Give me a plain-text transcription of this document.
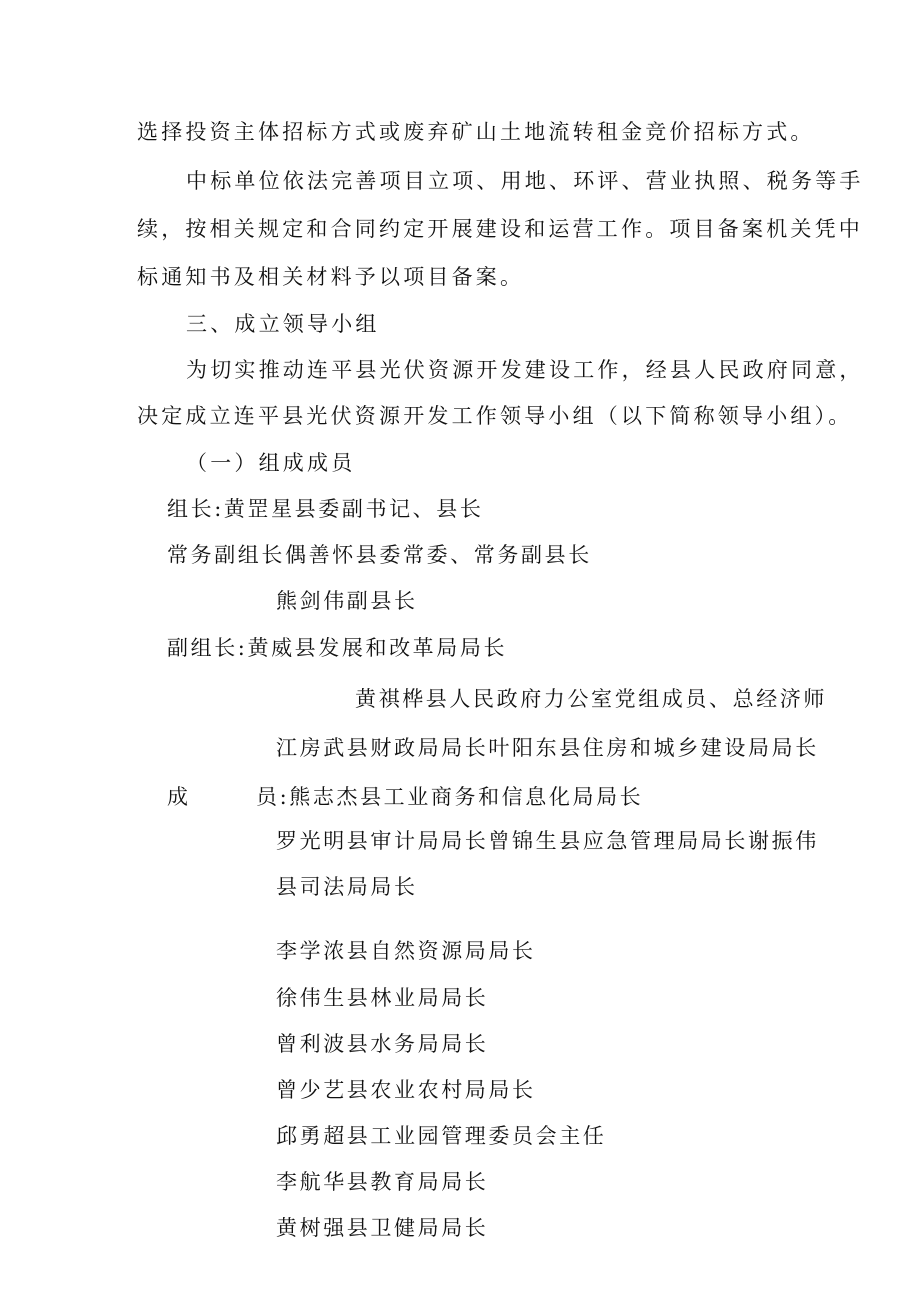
选择投资主体招标方式或废弃矿山土地流转租金竞价招标方式。
中标单位依法完善项目立项、用地、环评、营业执照、税务等手
续，按相关规定和合同约定开展建设和运营工作。项目备案机关凭中
标通知书及相关材料予以项目备案。
三、成立领导小组
为切实推动连平县光伏资源开发建设工作，经县人民政府同意，
决定成立连平县光伏资源开发工作领导小组（以下简称领导小组）。
（一）组成成员
组长:黄罡星县委副书记、县长
常务副组长偶善怀县委常委、常务副县长
熊剑伟副县长
副组长:黄威县发展和改革局局长
黄祺桦县人民政府力公室党组成员、总经济师
江房武县财政局局长叶阳东县住房和城乡建设局局长
成	员:熊志杰县工业商务和信息化局局长
罗光明县审计局局长曾锦生县应急管理局局长谢振伟
县司法局局长
李学浓县自然资源局局长
徐伟生县林业局局长
曾利波县水务局局长
曾少艺县农业农村局局长
邱勇超县工业园管理委员会主任
李航华县教育局局长
黄树强县卫健局局长
